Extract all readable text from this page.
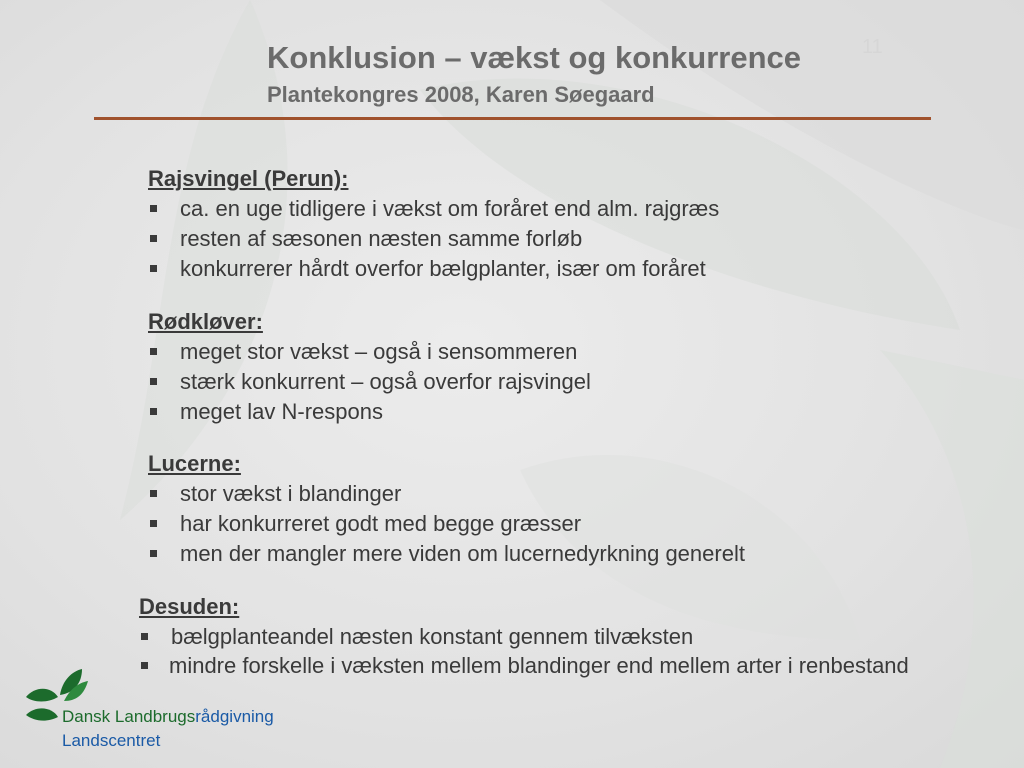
11
Konklusion – vækst og konkurrence
Plantekongres 2008, Karen Søegaard

Rajsvingel (Perun):

ca. en uge tidligere i vækst om foråret end alm. rajgræs
resten af sæsonen næsten samme forløb
konkurrerer hårdt overfor bælgplanter, især om foråret

Rødkløver:

meget stor vækst – også i sensommeren
stærk konkurrent – også overfor rajsvingel
meget lav N-respons

Lucerne:

stor vækst i blandinger
har konkurreret godt med begge græsser
men der mangler mere viden om lucernedyrkning generelt

Desuden:

bælgplanteandel næsten konstant gennem tilvæksten
mindre forskelle i væksten mellem blandinger end mellem arter i renbestand
Dansk Landbrugsrådgivning
Landscentret
